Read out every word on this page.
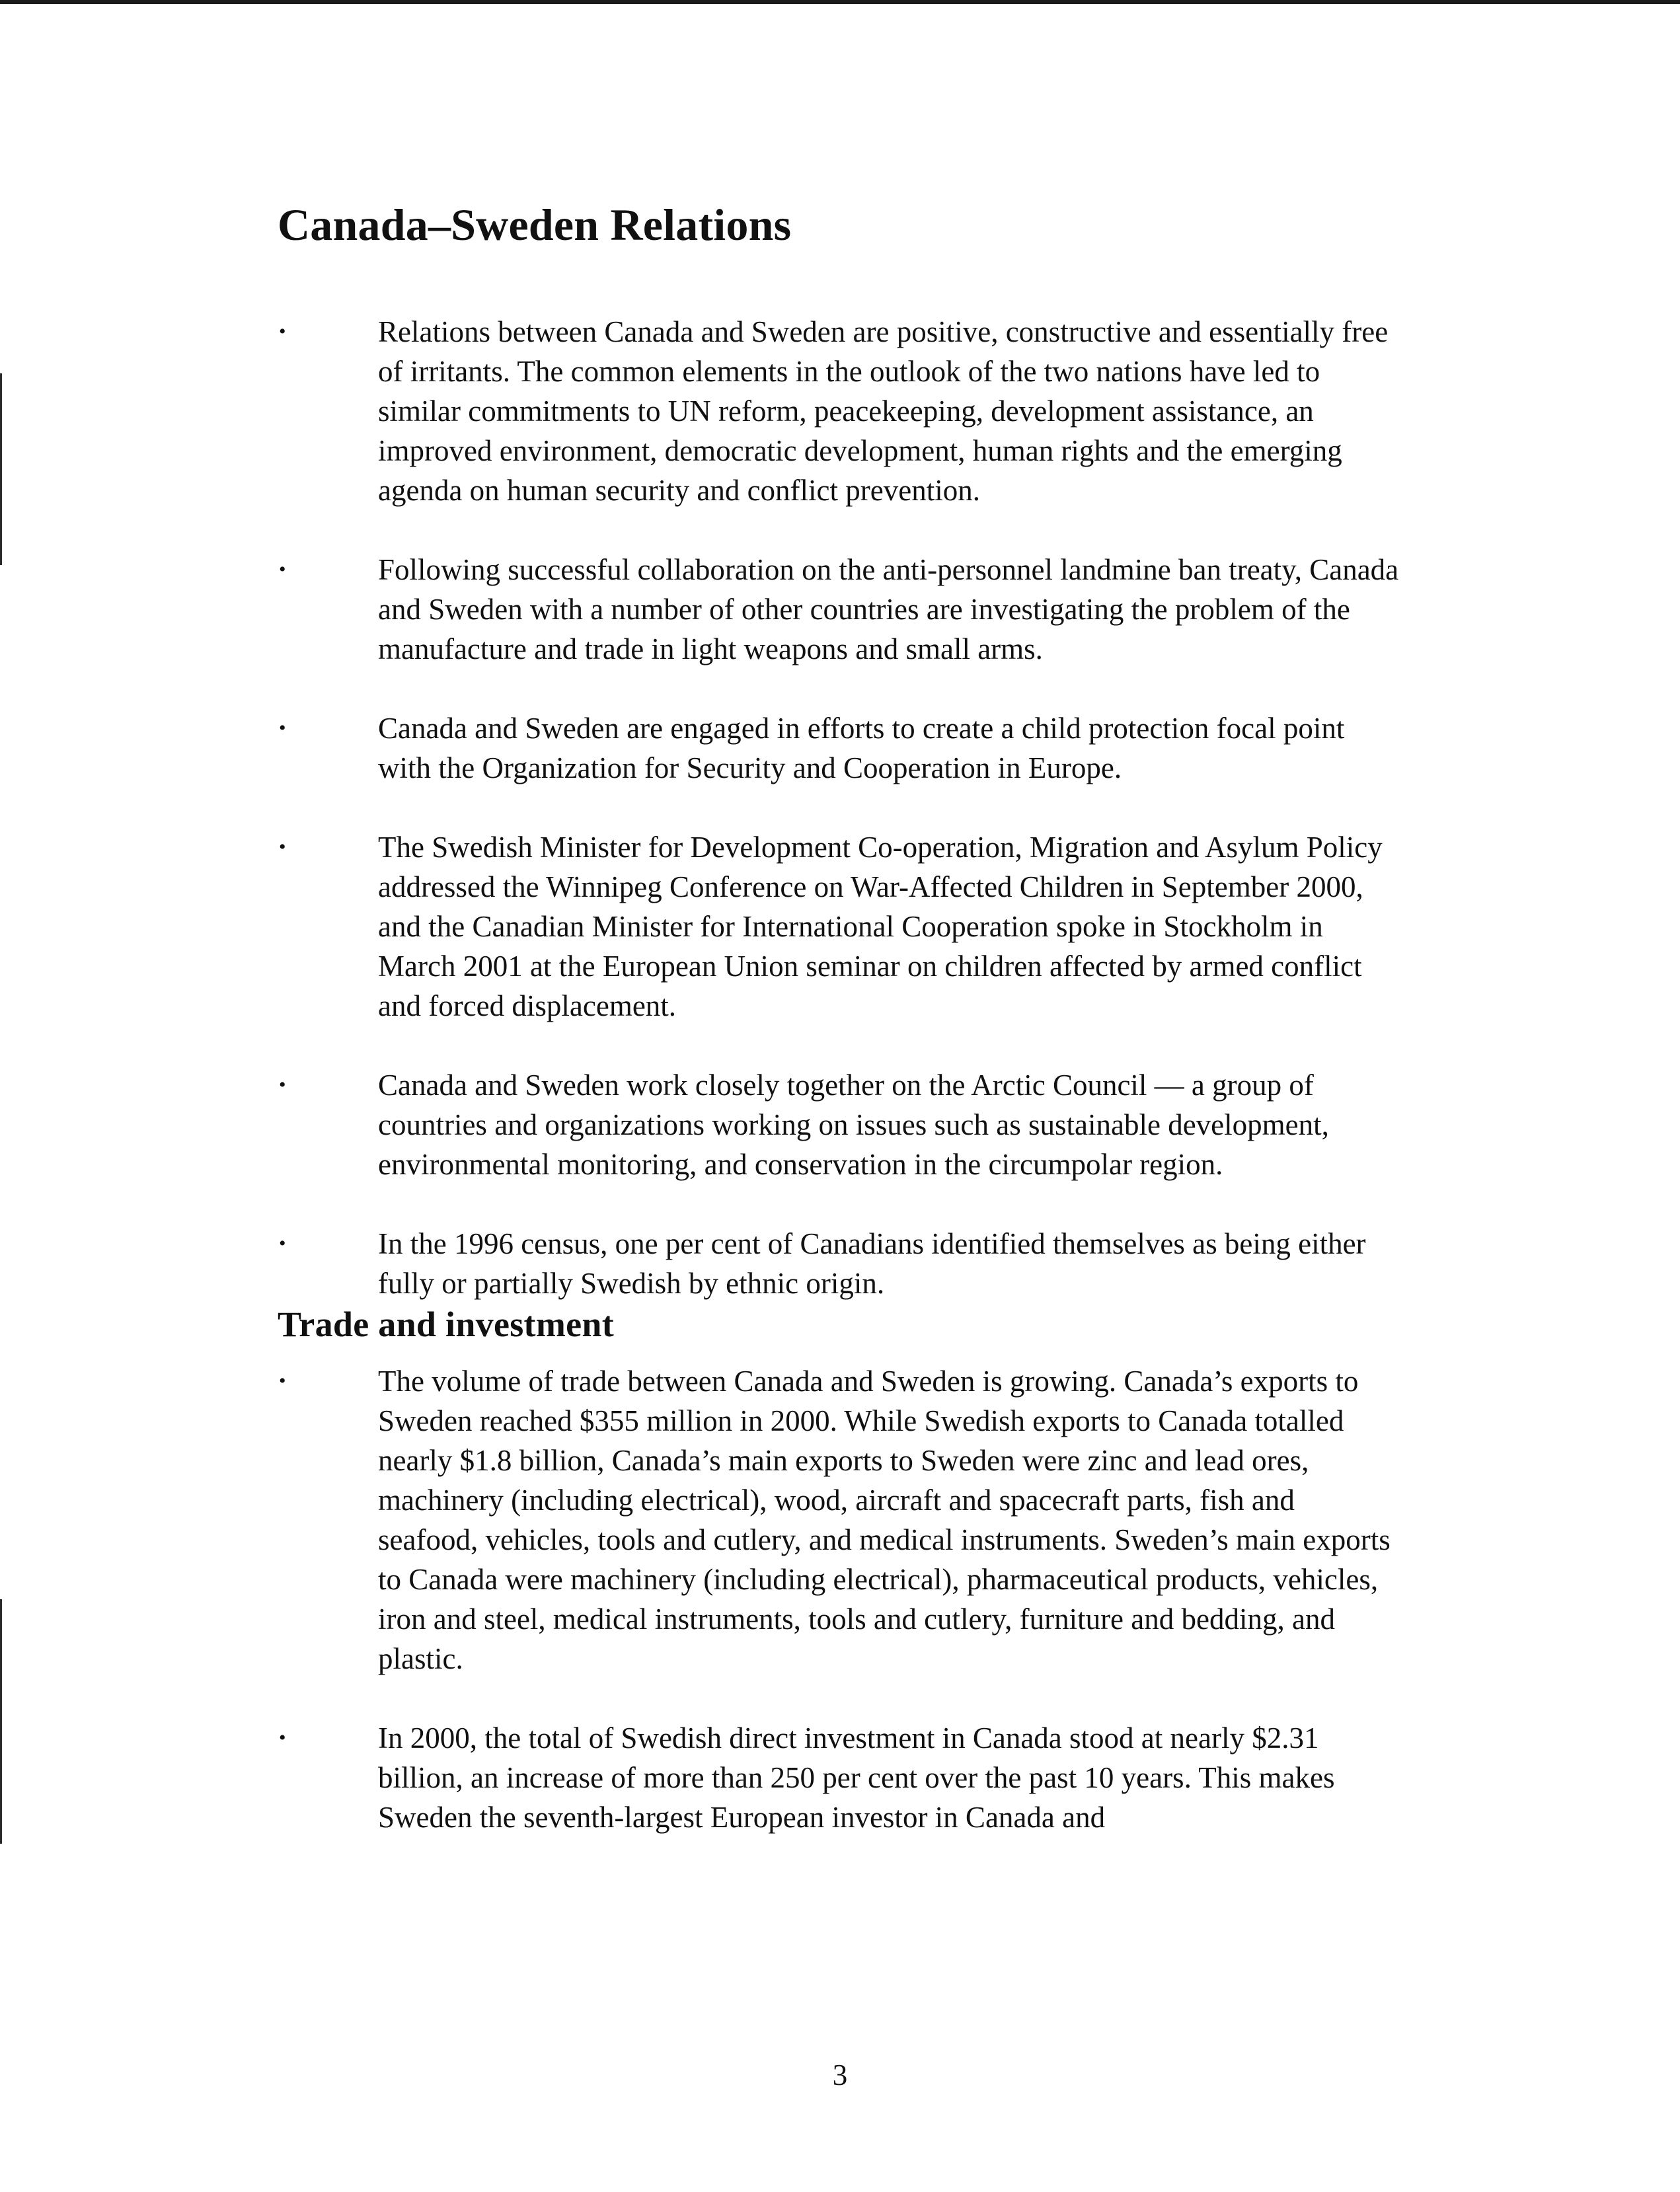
Canada–Sweden Relations
•	Relations between Canada and Sweden are positive, constructive and essentially free of irritants. The common elements in the outlook of the two nations have led to similar commitments to UN reform, peacekeeping, development assistance, an improved environment, democratic development, human rights and the emerging agenda on human security and conflict prevention.
•	Following successful collaboration on the anti-personnel landmine ban treaty, Canada and Sweden with a number of other countries are investigating the problem of the manufacture and trade in light weapons and small arms.
•	Canada and Sweden are engaged in efforts to create a child protection focal point with the Organization for Security and Cooperation in Europe.
•	The Swedish Minister for Development Co-operation, Migration and Asylum Policy addressed the Winnipeg Conference on War-Affected Children in September 2000, and the Canadian Minister for International Cooperation spoke in Stockholm in March 2001 at the European Union seminar on children affected by armed conflict and forced displacement.
•	Canada and Sweden work closely together on the Arctic Council — a group of countries and organizations working on issues such as sustainable development, environmental monitoring, and conservation in the circumpolar region.
•	In the 1996 census, one per cent of Canadians identified themselves as being either fully or partially Swedish by ethnic origin.
Trade and investment
•	The volume of trade between Canada and Sweden is growing. Canada’s exports to Sweden reached $355 million in 2000. While Swedish exports to Canada totalled nearly $1.8 billion, Canada’s main exports to Sweden were zinc and lead ores, machinery (including electrical), wood, aircraft and spacecraft parts, fish and seafood, vehicles, tools and cutlery, and medical instruments. Sweden’s main exports to Canada were machinery (including electrical), pharmaceutical products, vehicles, iron and steel, medical instruments, tools and cutlery, furniture and bedding, and plastic.
•	In 2000, the total of Swedish direct investment in Canada stood at nearly $2.31 billion, an increase of more than 250 per cent over the past 10 years. This makes Sweden the seventh-largest European investor in Canada and
3
